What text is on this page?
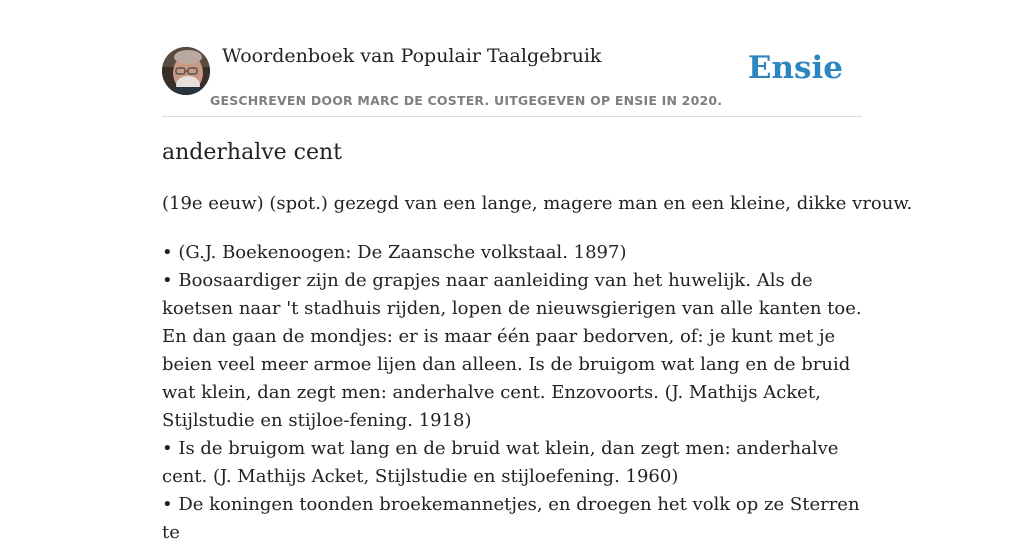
Woordenboek van Populair Taalgebruik
GESCHREVEN DOOR MARC DE COSTER. UITGEGEVEN OP ENSIE IN 2020.
Ensie
anderhalve cent

(19e eeuw) (spot.) gezegd van een lange, magere man en een kleine, dikke vrouw.

• (G.J. Boekenoogen: De Zaansche volkstaal. 1897)
• Boosaardiger zijn de grapjes naar aanleiding van het huwelijk. Als de koetsen naar 't stadhuis rijden, lopen de nieuwsgierigen van alle kanten toe. En dan gaan de mondjes: er is maar één paar bedorven, of: je kunt met je beien veel meer armoe lijen dan alleen. Is de bruigom wat lang en de bruid wat klein, dan zegt men: anderhalve cent. Enzovoorts. (J. Mathijs Acket, Stijlstudie en stijloe-fening. 1918)
• Is de bruigom wat lang en de bruid wat klein, dan zegt men: anderhalve cent. (J. Mathijs Acket, Stijlstudie en stijloefening. 1960)
• De koningen toonden broekemannetjes, en droegen het volk op ze Sterren te
